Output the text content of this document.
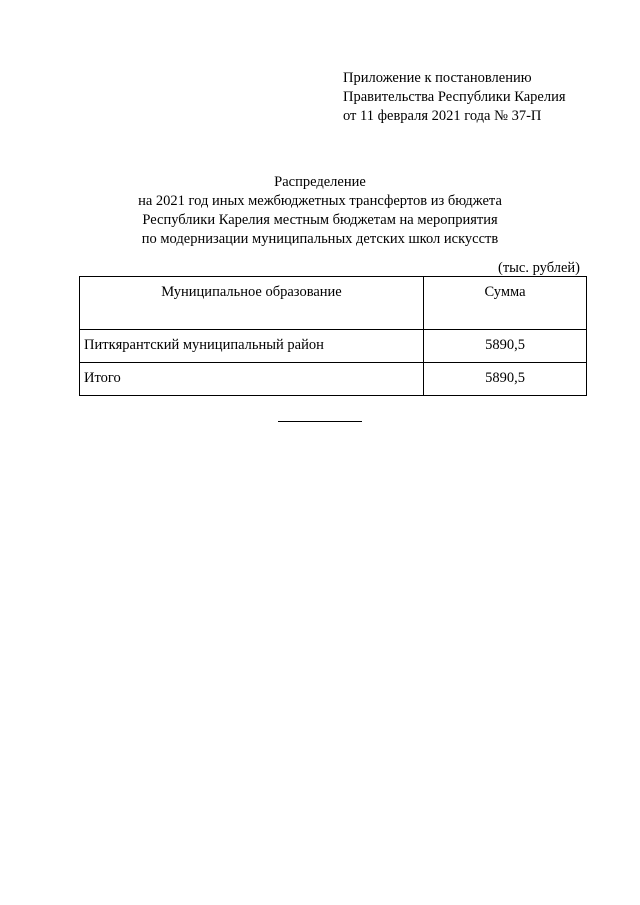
Приложение к постановлению
Правительства Республики Карелия
от 11 февраля 2021 года № 37-П
Распределение
на 2021 год иных межбюджетных трансфертов из бюджета
Республики Карелия местным бюджетам на мероприятия
по модернизации муниципальных детских школ искусств
(тыс. рублей)
Муниципальное образование	Сумма
Питкярантский муниципальный район	5890,5
Итого	5890,5
